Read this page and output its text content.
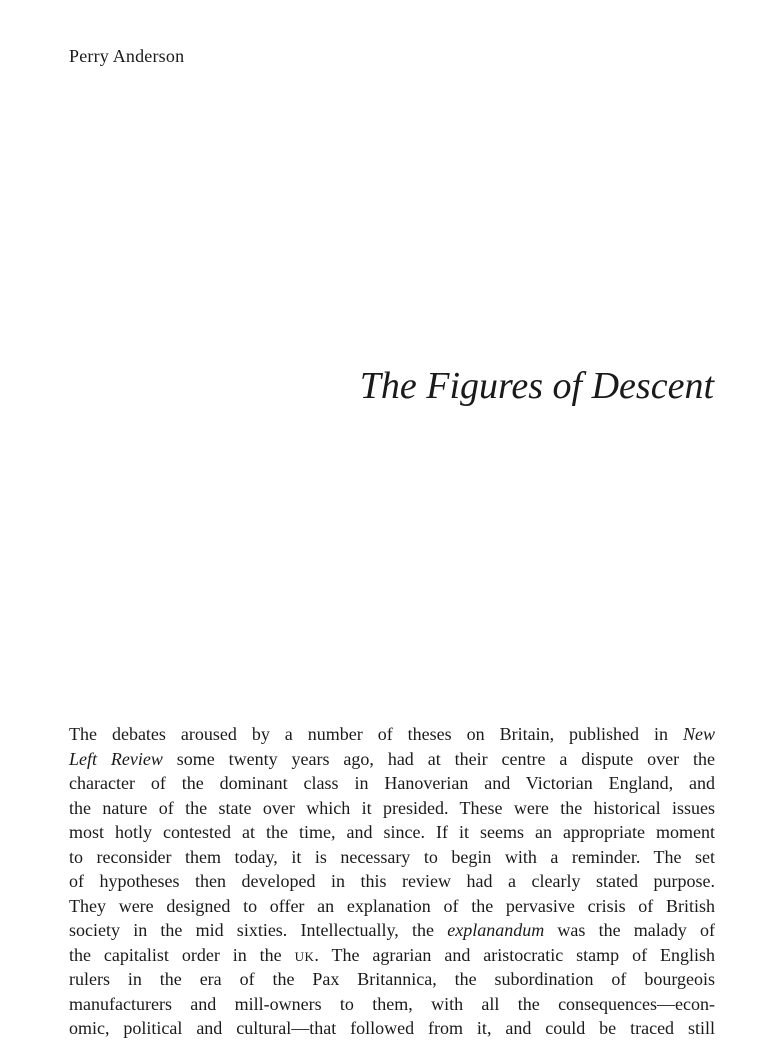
Perry Anderson

The Figures of Descent
The debates aroused by a number of theses on Britain, published in New
Left Review some twenty years ago, had at their centre a dispute over the
character of the dominant class in Hanoverian and Victorian England, and
the nature of the state over which it presided. These were the historical issues
most hotly contested at the time, and since. If it seems an appropriate moment
to reconsider them today, it is necessary to begin with a reminder. The set
of hypotheses then developed in this review had a clearly stated purpose.
They were designed to offer an explanation of the pervasive crisis of British
society in the mid sixties. Intellectually, the explanandum was the malady of
the capitalist order in the uk. The agrarian and aristocratic stamp of English
rulers in the era of the Pax Britannica, the subordination of bourgeois
manufacturers and mill-owners to them, with all the consequences—econ-
omic, political and cultural—that followed from it, and could be traced still
